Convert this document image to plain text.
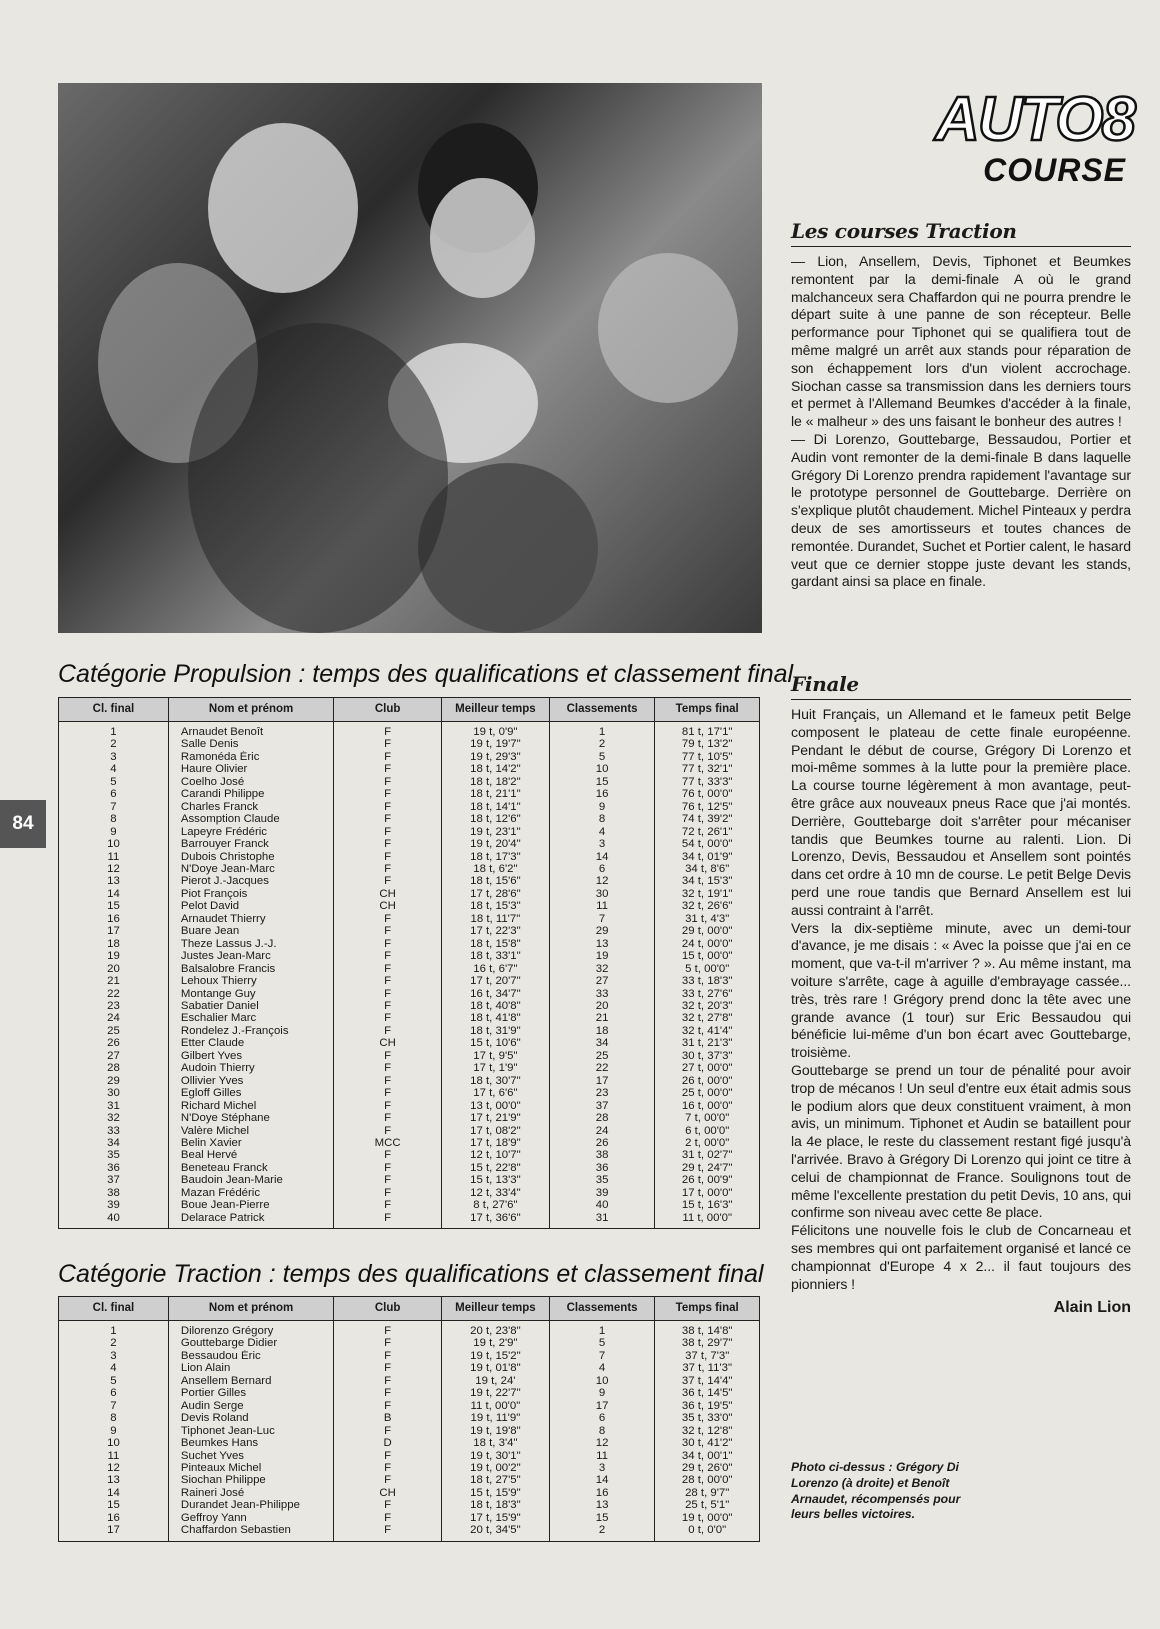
84
AUTO8
COURSE
Catégorie Propulsion : temps des qualifications et classement final
Cl. final	Nom et prénom	Club	Meilleur temps	Classements	Temps final
1	Arnaudet Benoît	F	19 t, 0'9"	1	81 t, 17'1"
2	Salle Denis	F	19 t, 19'7"	2	79 t, 13'2"
3	Ramonéda Éric	F	19 t, 29'3"	5	77 t, 10'5"
4	Haure Olivier	F	18 t, 14'2"	10	77 t, 32'1"
5	Coelho José	F	18 t, 18'2"	15	77 t, 33'3"
6	Carandi Philippe	F	18 t, 21'1"	16	76 t, 00'0"
7	Charles Franck	F	18 t, 14'1"	9	76 t, 12'5"
8	Assomption Claude	F	18 t, 12'6"	8	74 t, 39'2"
9	Lapeyre Frédéric	F	19 t, 23'1"	4	72 t, 26'1"
10	Barrouyer Franck	F	19 t, 20'4"	3	54 t, 00'0"
11	Dubois Christophe	F	18 t, 17'3"	14	34 t, 01'9"
12	N'Doye Jean-Marc	F	18 t, 6'2"	6	34 t, 8'6"
13	Pierot J.-Jacques	F	18 t, 15'6"	12	34 t, 15'3"
14	Piot François	CH	17 t, 28'6"	30	32 t, 19'1"
15	Pelot David	CH	18 t, 15'3"	11	32 t, 26'6"
16	Arnaudet Thierry	F	18 t, 11'7"	7	31 t, 4'3"
17	Buare Jean	F	17 t, 22'3"	29	29 t, 00'0"
18	Theze Lassus J.-J.	F	18 t, 15'8"	13	24 t, 00'0"
19	Justes Jean-Marc	F	18 t, 33'1"	19	15 t, 00'0"
20	Balsalobre Francis	F	16 t, 6'7"	32	5 t, 00'0"
21	Lehoux Thierry	F	17 t, 20'7"	27	33 t, 18'3"
22	Montange Guy	F	16 t, 34'7"	33	33 t, 27'6"
23	Sabatier Daniel	F	18 t, 40'8"	20	32 t, 20'3"
24	Eschalier Marc	F	18 t, 41'8"	21	32 t, 27'8"
25	Rondelez J.-François	F	18 t, 31'9"	18	32 t, 41'4"
26	Etter Claude	CH	15 t, 10'6"	34	31 t, 21'3"
27	Gilbert Yves	F	17 t, 9'5"	25	30 t, 37'3"
28	Audoin Thierry	F	17 t, 1'9"	22	27 t, 00'0"
29	Ollivier Yves	F	18 t, 30'7"	17	26 t, 00'0"
30	Egloff Gilles	F	17 t, 6'6"	23	25 t, 00'0"
31	Richard Michel	F	13 t, 00'0"	37	16 t, 00'0"
32	N'Doye Stéphane	F	17 t, 21'9"	28	7 t, 00'0"
33	Valère Michel	F	17 t, 08'2"	24	6 t, 00'0"
34	Belin Xavier	MCC	17 t, 18'9"	26	2 t, 00'0"
35	Beal Hervé	F	12 t, 10'7"	38	31 t, 02'7"
36	Beneteau Franck	F	15 t, 22'8"	36	29 t, 24'7"
37	Baudoin Jean-Marie	F	15 t, 13'3"	35	26 t, 00'9"
38	Mazan Frédéric	F	12 t, 33'4"	39	17 t, 00'0"
39	Boue Jean-Pierre	F	8 t, 27'6"	40	15 t, 16'3"
40	Delarace Patrick	F	17 t, 36'6"	31	11 t, 00'0"
Catégorie Traction : temps des qualifications et classement final
Cl. final	Nom et prénom	Club	Meilleur temps	Classements	Temps final
1	Dilorenzo Grégory	F	20 t, 23'8"	1	38 t, 14'8"
2	Gouttebarge Didier	F	19 t, 2'9"	5	38 t, 29'7"
3	Bessaudou Éric	F	19 t, 15'2"	7	37 t, 7'3"
4	Lion Alain	F	19 t, 01'8"	4	37 t, 11'3"
5	Ansellem Bernard	F	19 t, 24'	10	37 t, 14'4"
6	Portier Gilles	F	19 t, 22'7"	9	36 t, 14'5"
7	Audin Serge	F	11 t, 00'0"	17	36 t, 19'5"
8	Devis Roland	B	19 t, 11'9"	6	35 t, 33'0"
9	Tiphonet Jean-Luc	F	19 t, 19'8"	8	32 t, 12'8"
10	Beumkes Hans	D	18 t, 3'4"	12	30 t, 41'2"
11	Suchet Yves	F	19 t, 30'1"	11	34 t, 00'1"
12	Pinteaux Michel	F	19 t, 00'2"	3	29 t, 26'0"
13	Siochan Philippe	F	18 t, 27'5"	14	28 t, 00'0"
14	Raineri José	CH	15 t, 15'9"	16	28 t, 9'7"
15	Durandet Jean-Philippe	F	18 t, 18'3"	13	25 t, 5'1"
16	Geffroy Yann	F	17 t, 15'9"	15	19 t, 00'0"
17	Chaffardon Sebastien	F	20 t, 34'5"	2	0 t, 0'0"
Les courses Traction

— Lion, Ansellem, Devis, Tiphonet et Beumkes remontent par la demi-finale A où le grand malchanceux sera Chaffardon qui ne pourra prendre le départ suite à une panne de son récepteur. Belle performance pour Tiphonet qui se qualifiera tout de même malgré un arrêt aux stands pour réparation de son échappement lors d'un violent accrochage. Siochan casse sa transmission dans les derniers tours et permet à l'Allemand Beumkes d'accéder à la finale, le « malheur » des uns faisant le bonheur des autres !

— Di Lorenzo, Gouttebarge, Bessaudou, Portier et Audin vont remonter de la demi-finale B dans laquelle Grégory Di Lorenzo prendra rapidement l'avantage sur le prototype personnel de Gouttebarge. Derrière on s'explique plutôt chaudement. Michel Pinteaux y perdra deux de ses amortisseurs et toutes chances de remontée. Durandet, Suchet et Portier calent, le hasard veut que ce dernier stoppe juste devant les stands, gardant ainsi sa place en finale.

Finale

Huit Français, un Allemand et le fameux petit Belge composent le plateau de cette finale européenne. Pendant le début de course, Grégory Di Lorenzo et moi-même sommes à la lutte pour la première place. La course tourne légèrement à mon avantage, peut-être grâce aux nouveaux pneus Race que j'ai montés. Derrière, Gouttebarge doit s'arrêter pour mécaniser tandis que Beumkes tourne au ralenti. Lion. Di Lorenzo, Devis, Bessaudou et Ansellem sont pointés dans cet ordre à 10 mn de course. Le petit Belge Devis perd une roue tandis que Bernard Ansellem est lui aussi contraint à l'arrêt.

Vers la dix-septième minute, avec un demi-tour d'avance, je me disais : « Avec la poisse que j'ai en ce moment, que va-t-il m'arriver ? ». Au même instant, ma voiture s'arrête, cage à aguille d'embrayage cassée... très, très rare ! Grégory prend donc la tête avec une grande avance (1 tour) sur Eric Bessaudou qui bénéficie lui-même d'un bon écart avec Gouttebarge, troisième.

Gouttebarge se prend un tour de pénalité pour avoir trop de mécanos ! Un seul d'entre eux était admis sous le podium alors que deux constituent vraiment, à mon avis, un minimum. Tiphonet et Audin se bataillent pour la 4e place, le reste du classement restant figé jusqu'à l'arrivée. Bravo à Grégory Di Lorenzo qui joint ce titre à celui de championnat de France. Soulignons tout de même l'excellente prestation du petit Devis, 10 ans, qui confirme son niveau avec cette 8e place.

Félicitons une nouvelle fois le club de Concarneau et ses membres qui ont parfaitement organisé et lancé ce championnat d'Europe 4 x 2... il faut toujours des pionniers !

Alain Lion
Photo ci-dessus : Grégory Di Lorenzo (à droite) et Benoît Arnaudet, récompensés pour leurs belles victoires.
